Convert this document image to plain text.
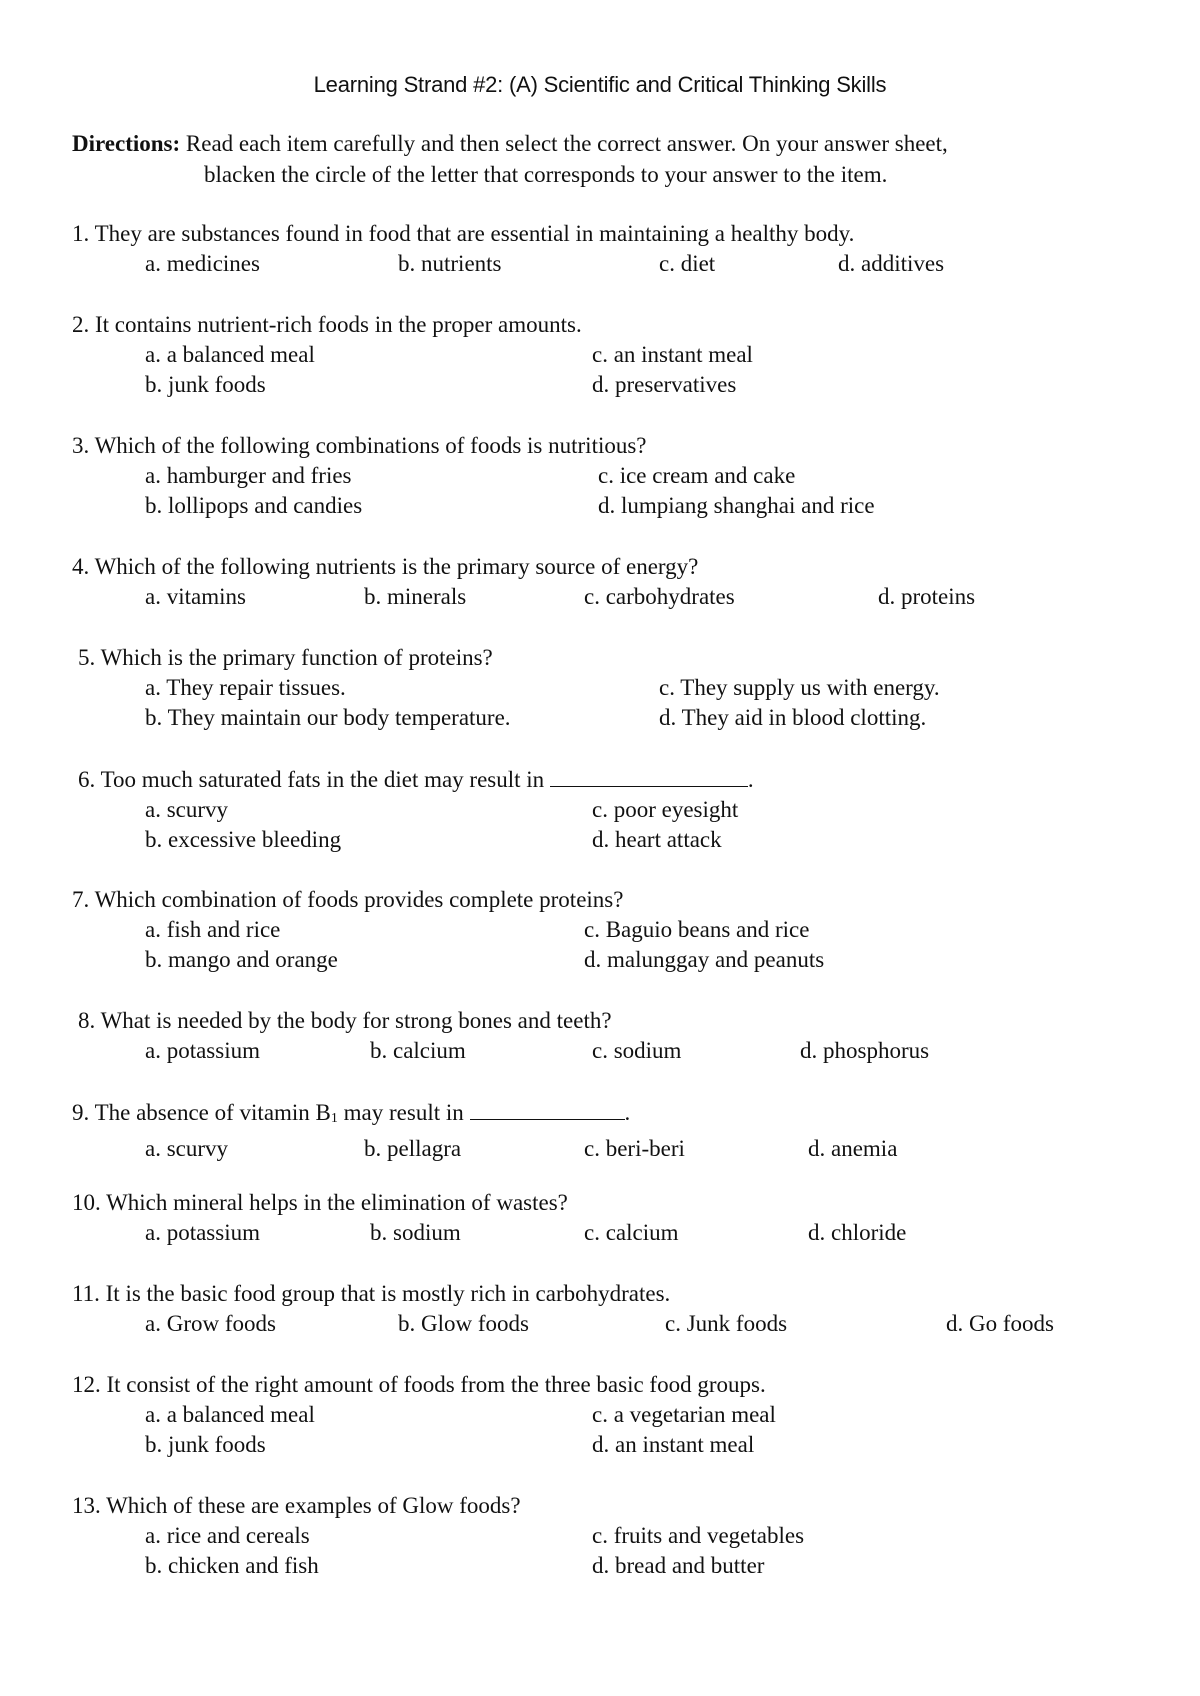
Learning Strand #2: (A) Scientific and Critical Thinking Skills
Directions: Read each item carefully and then select the correct answer. On your answer sheet,
blacken the circle of the letter that corresponds to your answer to the item.
1. They are substances found in food that are essential in maintaining a healthy body.
a. medicines	b. nutrients	c. diet	d. additives
2. It contains nutrient-rich foods in the proper amounts.
a. a balanced meal	c. an instant meal
b. junk foods	d. preservatives
3. Which of the following combinations of foods is nutritious?
a. hamburger and fries	c. ice cream and cake
b. lollipops and candies	d. lumpiang shanghai and rice
4. Which of the following nutrients is the primary source of energy?
a. vitamins	b. minerals	c. carbohydrates	d. proteins
5. Which is the primary function of proteins?
a. They repair tissues.	c. They supply us with energy.
b. They maintain our body temperature.	d. They aid in blood clotting.
6. Too much saturated fats in the diet may result in	.
a. scurvy	c. poor eyesight
b. excessive bleeding	d. heart attack
7. Which combination of foods provides complete proteins?
a. fish and rice	c. Baguio beans and rice
b. mango and orange	d. malunggay and peanuts
8. What is needed by the body for strong bones and teeth?
a. potassium	b. calcium	c. sodium	d. phosphorus
9. The absence of vitamin $B_1$ may result in	.
a. scurvy	b. pellagra	c. beri-beri	d. anemia
10. Which mineral helps in the elimination of wastes?
a. potassium	b. sodium	c. calcium	d. chloride
11. It is the basic food group that is mostly rich in carbohydrates.
a. Grow foods	b. Glow foods	c. Junk foods	d. Go foods
12. It consist of the right amount of foods from the three basic food groups.
a. a balanced meal	c. a vegetarian meal
b. junk foods	d. an instant meal
13. Which of these are examples of Glow foods?
a. rice and cereals	c. fruits and vegetables
b. chicken and fish	d. bread and butter
